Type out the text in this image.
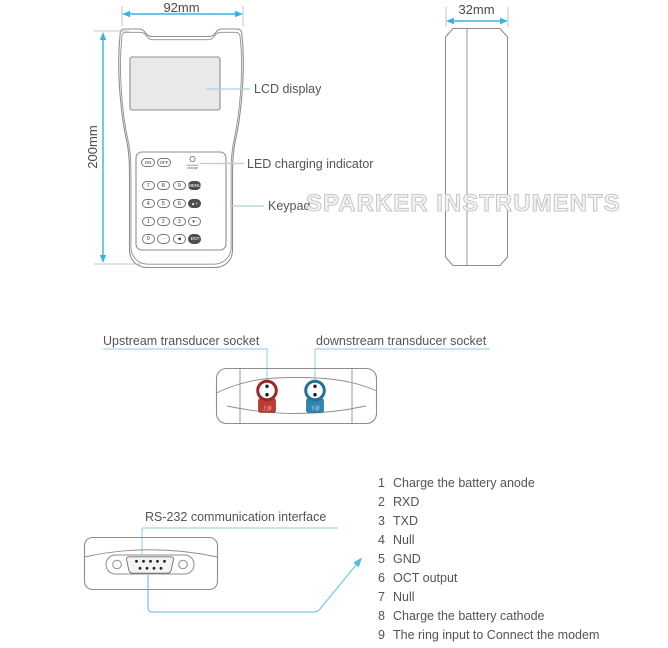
上游	下游
92mm
200mm
32mm
LCD display
LED charging indicator
Keypad
SPARKER INSTRUMENTS
Upstream transducer socket	downstream transducer socket
RS-232 communication interface
ON OFF
charge
7 8 9 MENU
4 5 6 ▲+
1 2 3 ▼-
0 · ◀ ENT
1 Charge the battery anode
2 RXD
3 TXD
4 Null
5 GND
6 OCT output
7 Null
8 Charge the battery cathode
9 The ring input to Connect the modem
